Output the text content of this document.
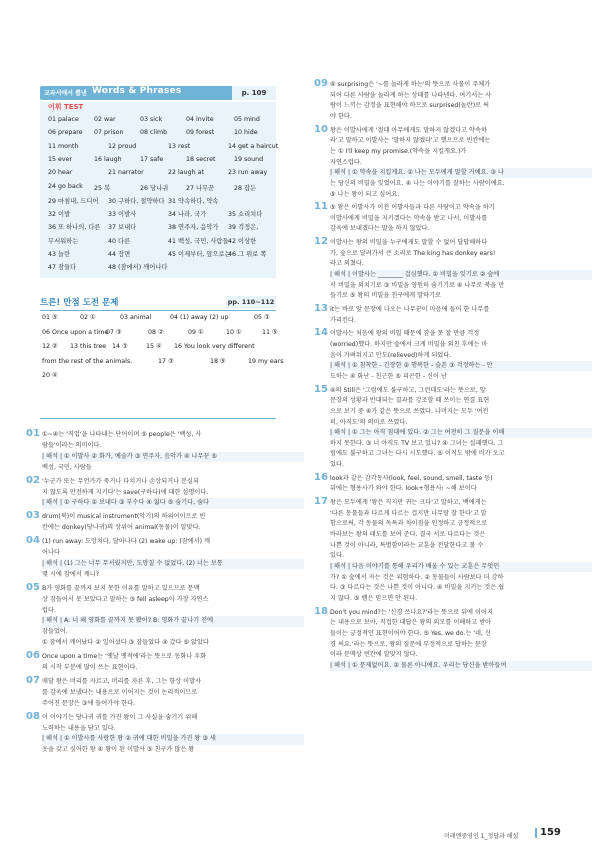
교과서에서 뽑낸 Words & Phrases	p. 109
어휘 TEST
01 palace 02 war	03 sick	04 invite	05 mind
06 prepare 07 prison	08 climb	09 forest	10 hide
11 month	12 proud	13 rest	14 get a haircut
15 ever	16 laugh	17 safe	18 secret	19 sound
20 hear	21 narrator	22 laugh at	23 run away
24 go back 25 복	26 당나귀	27 나무꾼	28 잡든
29 마침내, 드디어 30 구하다, 절약하다 31 약속하다, 약속
32 이발	33 이발사	34 나라, 국가	35 소리치다
36 또 하나의, 다른 37 보내다	38 연주자, 음악가 39 걱정은,
무서워하는	40 다른	41 백성, 국민, 사람들 42 이상한
43 놀란	44 장면	45 이제부터, 앞으로는
46 그 위로 쪽
47 잠들다	48 (잠에서) 깨어나다
트른! 만점 도전 문제	pp. 110~112
01 ⑤	02 ①	03 animal	04 (1) away (2) up	05 ③
06 Once upon a time
07 ③	08 ②	09 ①	10 ①	11 ⑤
12 ② 13 this tree 14 ③	15 ④ 16 You look very different
from the rest of the animals.	17 ③	18 ⑤	19 my ears
20 ④
01 ①~④는 '직업'을 나타내는 단어이며 ⑤ people은 '백성, 사
람들'이라는 의미이다.
| 해석 | ① 이발사 ② 화가, 예술가 ③ 연주자, 음악가 ④ 나무꾼 ⑤
백성, 국민, 사람들
02 '누군가 또는 무언가가 죽거나 다치거나 손상되거나 분실되
지 않도록 안전하게 지키다'는 save(구하다)에 대한 설명이다.
| 해석 | ① 구하다 ② 보내다 ③ 부수다 ④ 잃다 ⑤ 숨기다, 숨다
03 drum(북)이 musical instrument(악기)의 하위어이므로 빈
칸에는 donkey(당나귀)의 상위어 animal(동물)이 알맞다.
04 (1) run away: 도망치다, 달아나다 (2) wake up: (잠에서) 깨
어나다
| 해석 | (1) 그는 너무 무서웠지만, 도망칠 수 없었다. (2) 너는 보통
몇 시에 잠에서 깨니?
05 B가 영화를 끝까지 보지 못한 이유를 말하고 있으므로 문맥
상 잠들어서 못 보았다고 말하는 ③ fell asleep이 가장 자연스
럽다.
| 해석 | A: 너 왜 영화를 끝까지 못 봤어? B: 영화가 끝나기 전에
잠들었어.
① 잠에서 깨어났다 ② 일어섰다 ③ 잠들었다 ④ 갔다 ⑤ 앉았다
06 Once upon a time는 '옛날 옛적에'라는 뜻으로 동화나 우화
의 시작 부분에 많이 쓰는 표현이다.
07 매달 왕은 머리를 자르고, 머리를 자른 후, 그는 항상 이발사
를 감옥에 보냈다는 내용으로 이어지는 것이 논리적이므로
주어진 문장은 ③에 들어가야 한다.
08 이 이야기는 당나귀 귀를 가진 왕이 그 사실을 숨기기 위해
노력하는 내용을 담고 있다.
| 해석 | ① 이발사를 사랑한 왕 ② 귀에 대한 비밀을 가진 왕 ③ 새
옷을 갖고 싶어한 왕 ④ 왕이 된 이발사 ⑤ 친구가 많은 왕
09 ④ surprising은 '~를 놀라게 하는'의 뜻으로 사물이 주체가
되어 다른 사람을 놀라게 하는 상태를 나타낸다. 여기서는 사
람이 느끼는 감정을 표현해야 하므로 surprised(놀란)로 써
야 한다.
10 왕은 이발사에게 '절대 아무에게도 말하지 않겠다고 약속하
라'고 말하고 이발사는 '말하지 않겠다'고 했으므로 빈칸에는
는 ① I'll keep my promise.(약속을 지킬게요.)가
자연스럽다.
| 해석 | ① 약속을 지킬게요. ② 나는 모두에게 말할 거예요. ③ 나
는 당신의 비밀을 잊었어요. ④ 나는 이야기를 잘하는 사람이에요.
⑤ 나는 왕이 되고 싶어요.
11 ⑤ 왕은 이발사가 이전 이발사들과 다른 사람이고 약속을 하기
이발사에게 비밀을 지키겠다는 약속을 받고 나서, 이발사를
감옥에 보내겠다는 말을 하지 않았다.
12 이발사는 왕의 비밀을 누구에게도 말할 수 없어 답답해하다
가, 숲으로 달려가서 큰 소리로 The king has donkey ears!
라고 외쳤다.
| 해석 | 이발사는 ________ 걸심했다. ① 비밀을 잊기로 ② 숲에
서 비밀을 외치기로 ③ 비밀을 영원히 숨기기로 ④ 나무로 북을 만
들기로 ⑤ 왕의 비밀을 친구에게 말하기로
13 it는 바로 앞 문장에 나오는 나무꾼이 마음에 들어 한 나무를
가리킨다.
14 이발사는 처음에 왕의 비밀 때문에 잠을 못 잘 만큼 걱정
(worried)했다. 하지만 숲에서 크게 비밀을 외친 후에는 마
음이 가벼워지고 안도(relieved)하게 되었다.
| 해석 | ① 침착한 - 긴장한 ② 행복한 - 슬픈 ③ 걱정하는 - 안
도하는 ④ 화난 - 친근한 ⑤ 피곤한 - 신이 난
15 ④의 Still은 '그럼에도 불구하고, 그런데도'라는 뜻으로, 앞
문장의 상황과 반대되는 결과를 강조할 때 쓰이는 연결 표현
으로 보기 중 ④가 같은 뜻으로 쓰였다. 나머지는 모두 '여전
히, 아직도'의 의미로 쓰였다.
| 해석 | ① 그는 아직 침대에 있다. ② 그는 여전히 그 질문을 이해
하지 못한다. ③ 너 아직도 TV 보고 있니? ④ 그녀는 실패했다. 그
럼에도 불구하고 그녀는 다시 시도했다. ⑤ 이직도 밖에 비가 오고
있다.
16 look과 같은 감각동사(look, feel, sound, smell, taste 등)
뒤에는 형용사가 와야 한다. look+형용사: ~해 보이다
17 왕은 모두에게 '왕은 직지만 귀는 크다'고 말하고, 백에게는
'다른 동물들과 다르게 다르는 겁지만 나무랄 잘 한다'고 말
함으로써, 각 동물의 독특과 차이점을 인정하고 긍정적으로
바라보는 왕의 태도를 보여 준다. 결국 서로 다르다는 것은
나쁜 것이 아니라, 특별함이라는 교훈을 전달한다고 볼 수
있다.
| 해석 | 다음 이야기를 통해 우리가 배울 수 있는 교훈은 무엇인
가? ① 숲에서 자는 것은 위험하다. ② 동물들이 사람보다 더 강하
다. ③ 다르다는 것은 나쁜 것이 아니다. ④ 비밀을 지키는 것은 쉽
지 않다. ⑤ 뱀은 믿으면 안 된다.
18 Don't you mind?는 '신경 쓰나요?'라는 뜻으로 뒤에 이어지
는 내용으로 보아, 직접한 대답은 왕의 외모를 이해하고 받아
들이는 긍정적인 표현이어야 한다. ⑤ Yes, we do.는 '네, 신
경 써요.'라는 뜻으로, 왕의 질문에 부정적으로 답하는 문장
이라 문맥상 빈칸에 알맞지 않다.
| 해석 | ① 문제없어요. ② 물론 아니에요. 우리는 당신을 받아들여
미래엔중영인 1_정답과 해설 159
